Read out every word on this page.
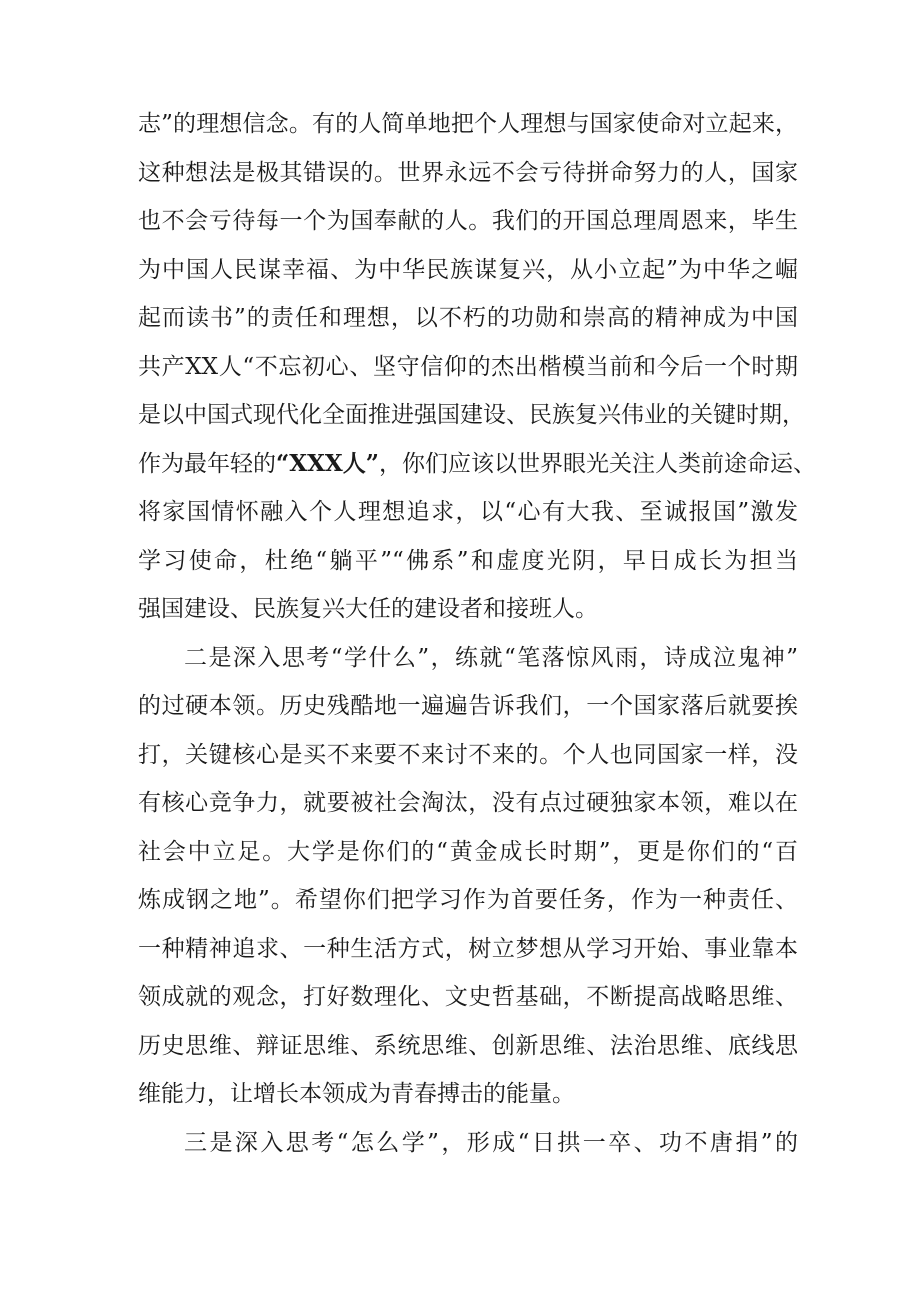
志”的理想信念。有的人简单地把个人理想与国家使命对立起来，
这种想法是极其错误的。世界永远不会亏待拼命努力的人，国家
也不会亏待每一个为国奉献的人。我们的开国总理周恩来，毕生
为中国人民谋幸福、为中华民族谋复兴，从小立起”为中华之崛
起而读书”的责任和理想，以不朽的功勋和崇高的精神成为中国
共产XX人“不忘初心、坚守信仰的杰出楷模当前和今后一个时期
是以中国式现代化全面推进强国建设、民族复兴伟业的关键时期，
作为最年轻的“XXX人”，你们应该以世界眼光关注人类前途命运、
将家国情怀融入个人理想追求，以“心有大我、至诚报国”激发
学习使命，杜绝“躺平”“佛系”和虚度光阴，早日成长为担当
强国建设、民族复兴大任的建设者和接班人。
二是深入思考“学什么”，练就“笔落惊风雨，诗成泣鬼神”
的过硬本领。历史残酷地一遍遍告诉我们，一个国家落后就要挨
打，关键核心是买不来要不来讨不来的。个人也同国家一样，没
有核心竞争力，就要被社会淘汰，没有点过硬独家本领，难以在
社会中立足。大学是你们的“黄金成长时期”，更是你们的“百
炼成钢之地”。希望你们把学习作为首要任务，作为一种责任、
一种精神追求、一种生活方式，树立梦想从学习开始、事业靠本
领成就的观念，打好数理化、文史哲基础，不断提高战略思维、
历史思维、辩证思维、系统思维、创新思维、法治思维、底线思
维能力，让增长本领成为青春搏击的能量。
三是深入思考“怎么学”，形成“日拱一卒、功不唐捐”的
